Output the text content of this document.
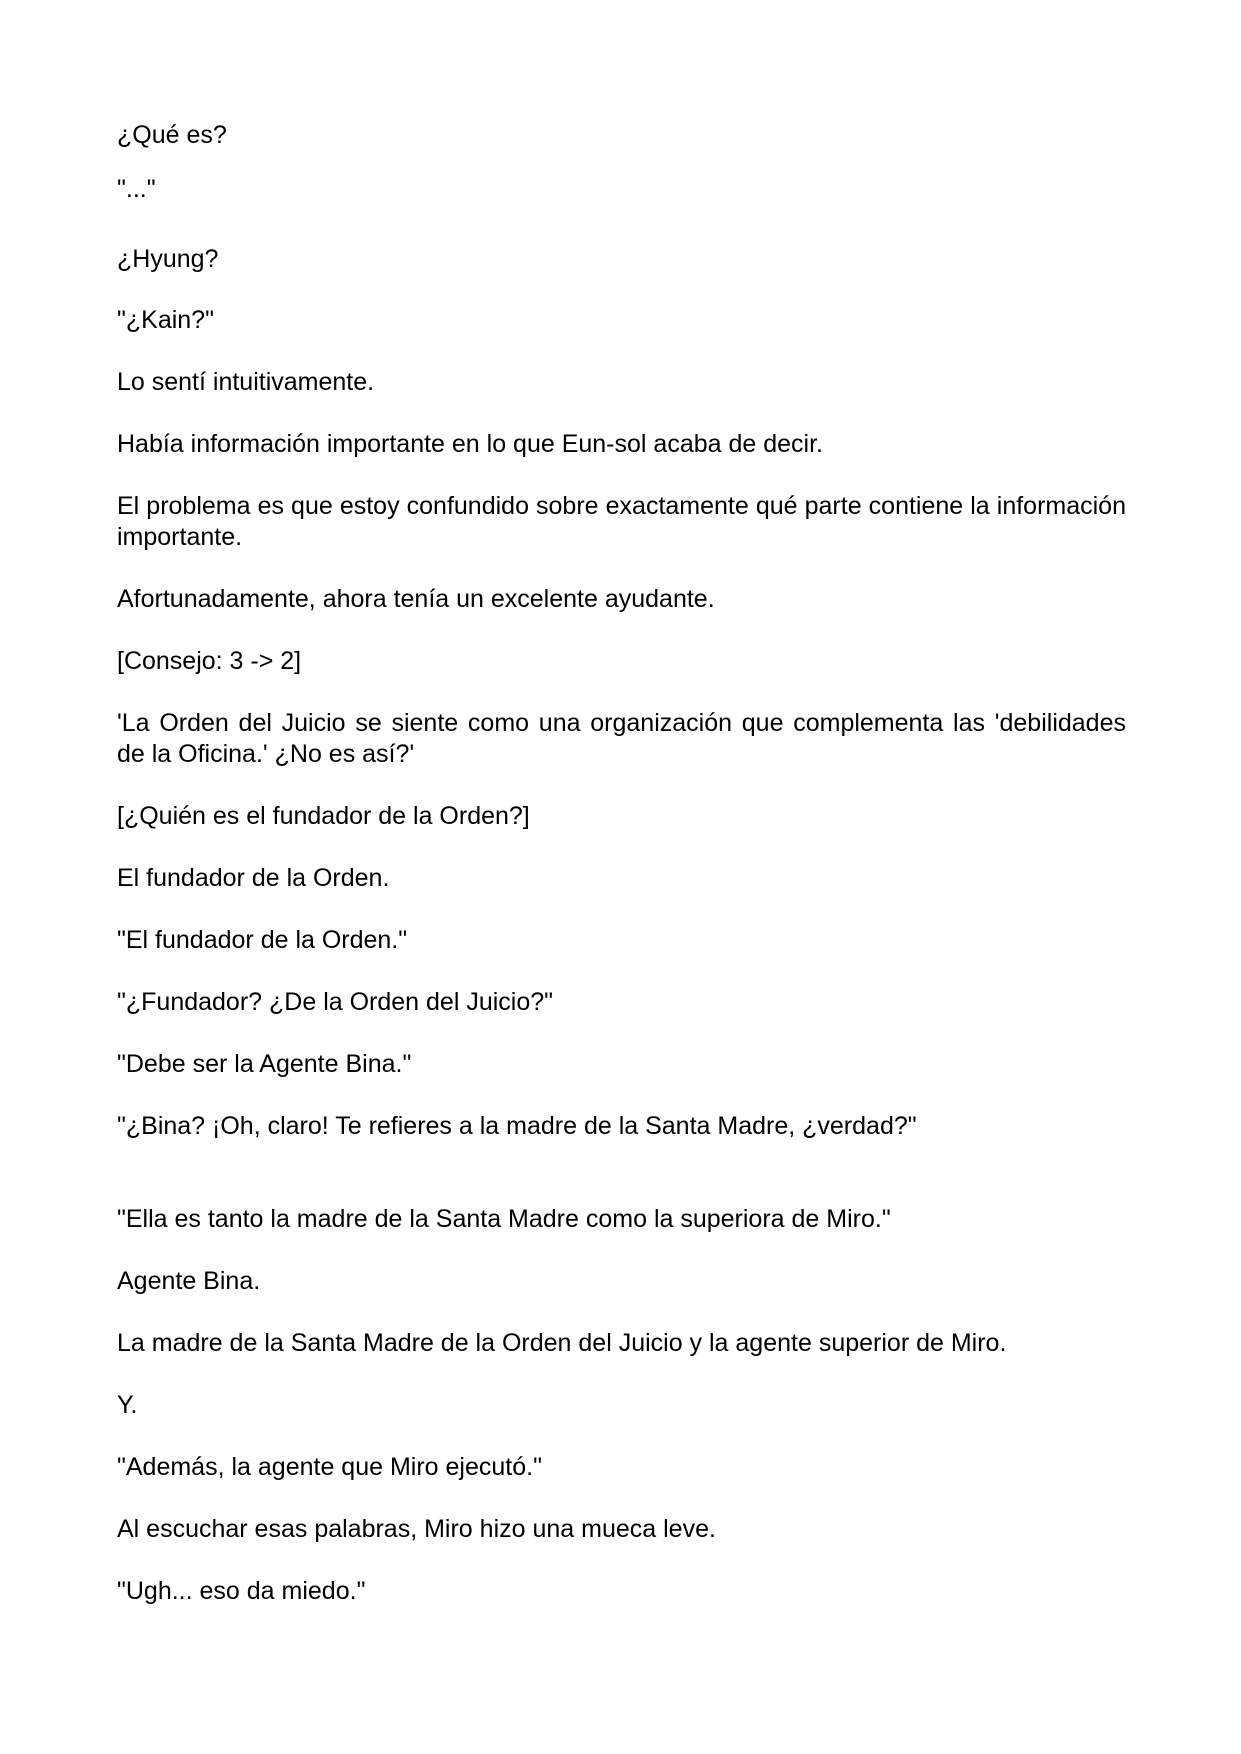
¿Qué es?

"..."

¿Hyung?

"¿Kain?"

Lo sentí intuitivamente.

Había información importante en lo que Eun-sol acaba de decir.

El problema es que estoy confundido sobre exactamente qué parte contiene la información importante.

Afortunadamente, ahora tenía un excelente ayudante.

[Consejo: 3 -> 2]

'La Orden del Juicio se siente como una organización que complementa las 'debilidades de la Oficina.' ¿No es así?'

[¿Quién es el fundador de la Orden?]

El fundador de la Orden.

"El fundador de la Orden."

"¿Fundador? ¿De la Orden del Juicio?"

"Debe ser la Agente Bina."

"¿Bina? ¡Oh, claro! Te refieres a la madre de la Santa Madre, ¿verdad?"

"Ella es tanto la madre de la Santa Madre como la superiora de Miro."

Agente Bina.

La madre de la Santa Madre de la Orden del Juicio y la agente superior de Miro.

Y.

"Además, la agente que Miro ejecutó."

Al escuchar esas palabras, Miro hizo una mueca leve.

"Ugh... eso da miedo."
